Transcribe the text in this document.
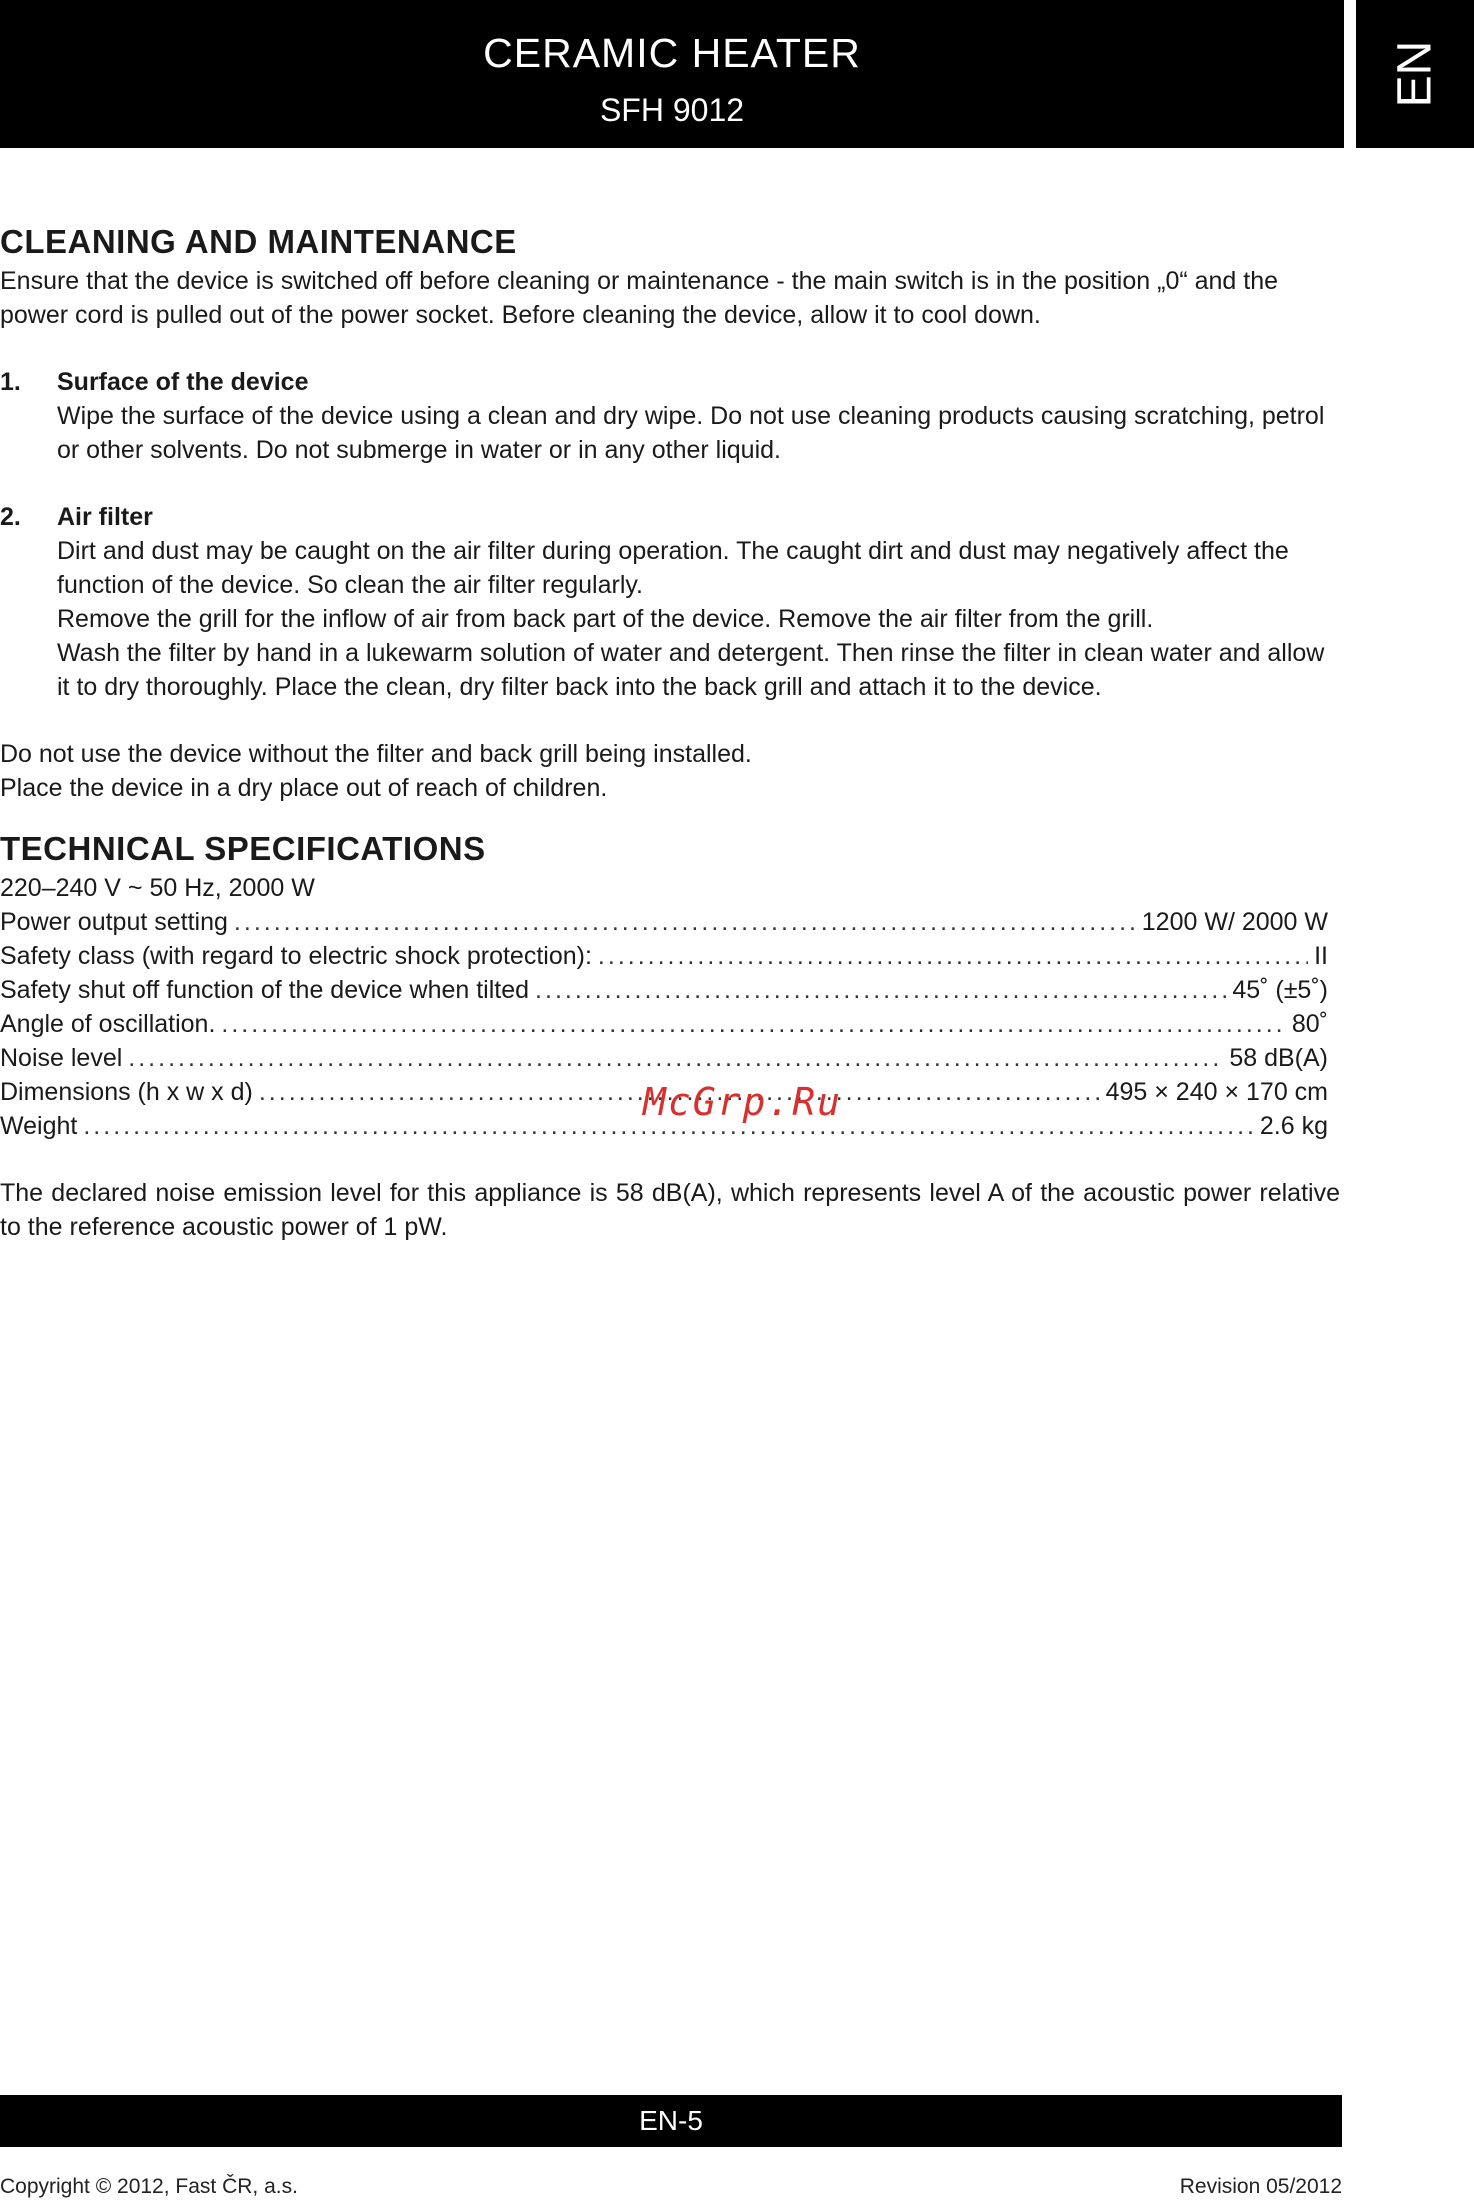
CERAMIC HEATER
SFH 9012
EN
CLEANING AND MAINTENANCE

Ensure that the device is switched off before cleaning or maintenance - the main switch is in the position „0“ and the power cord is pulled out of the power socket. Before cleaning the device, allow it to cool down.

1. Surface of the device

Wipe the surface of the device using a clean and dry wipe. Do not use cleaning products causing scratching, petrol or other solvents. Do not submerge in water or in any other liquid.

2. Air filter

Dirt and dust may be caught on the air filter during operation. The caught dirt and dust may negatively affect the function of the device. So clean the air filter regularly.

Remove the grill for the inflow of air from back part of the device. Remove the air filter from the grill.

Wash the filter by hand in a lukewarm solution of water and detergent. Then rinse the filter in clean water and allow it to dry thoroughly. Place the clean, dry filter back into the back grill and attach it to the device.

Do not use the device without the filter and back grill being installed.

Place the device in a dry place out of reach of children.

TECHNICAL SPECIFICATIONS

220–240 V ~ 50 Hz, 2000 W

Power output setting .....	1200 W/ 2000 W
Safety class (with regard to electric shock protection): .....	II
Safety shut off function of the device when tilted .....	45˚ (±5˚)
Angle of oscillation. .....	80˚
Noise level .....	58 dB(A)
Dimensions (h x w x d) .....	495 × 240 × 170 cm
Weight .....	2.6 kg

The declared noise emission level for this appliance is 58 dB(A), which represents level A of the acoustic power relative to the reference acoustic power of 1 pW.

McGrp.Ru
EN-5
Copyright © 2012, Fast ČR, a.s.	Revision 05/2012
